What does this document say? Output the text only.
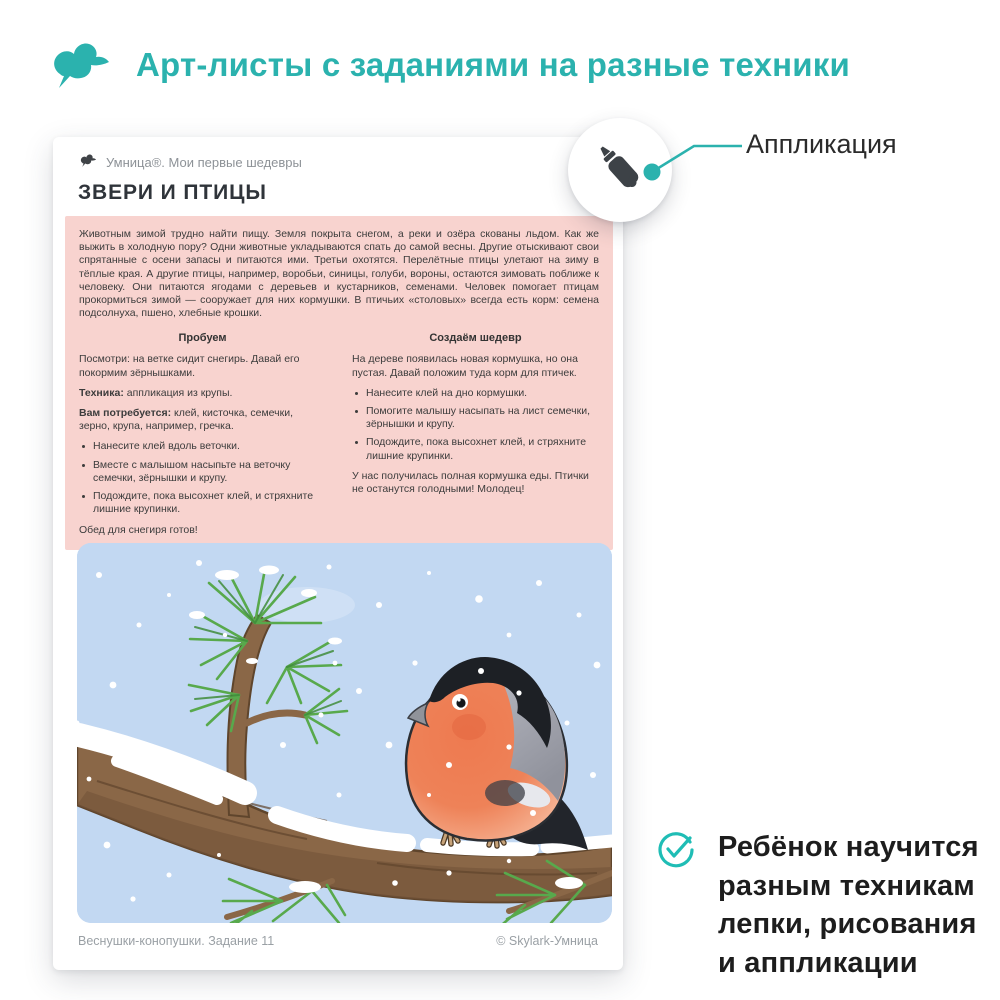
Арт-листы с заданиями на разные техники
Умница®. Мои первые шедевры
ЗВЕРИ И ПТИЦЫ

Животным зимой трудно найти пищу. Земля покрыта снегом, а реки и озёра скованы льдом. Как же выжить в холодную пору? Одни животные укладываются спать до самой весны. Другие отыскивают свои спрятанные с осени запасы и питаются ими. Третьи охотятся. Перелётные птицы улетают на зиму в тёплые края. А другие птицы, например, воробьи, синицы, голуби, вороны, остаются зимовать поближе к человеку. Они питаются ягодами с деревьев и кустарников, семенами. Человек помогает птицам прокормиться зимой — сооружает для них кормушки. В птичьих «столовых» всегда есть корм: семена подсолнуха, пшено, хлебные крошки.

Пробуем

Посмотри: на ветке сидит снегирь. Давай его покормим зёрнышками.

Техника: аппликация из крупы.

Вам потребуется: клей, кисточка, семечки, зерно, крупа, например, гречка.

Нанесите клей вдоль веточки.
Вместе с малышом насыпьте на веточку семечки, зёрнышки и крупу.
Подождите, пока высохнет клей, и стряхните лишние крупинки.

Обед для снегиря готов!

Создаём шедевр

На дереве появилась новая кормушка, но она пустая. Давай положим туда корм для птичек.

Нанесите клей на дно кормушки.
Помогите малышу насыпать на лист семечки, зёрнышки и крупу.
Подождите, пока высохнет клей, и стряхните лишние крупинки.

У нас получилась полная кормушка еды. Птички не останутся голодными! Молодец!

Веснушки-конопушки. Задание 11	© Skylark-Умница
Аппликация
Ребёнок научится
разным техникам
лепки, рисования
и аппликации
